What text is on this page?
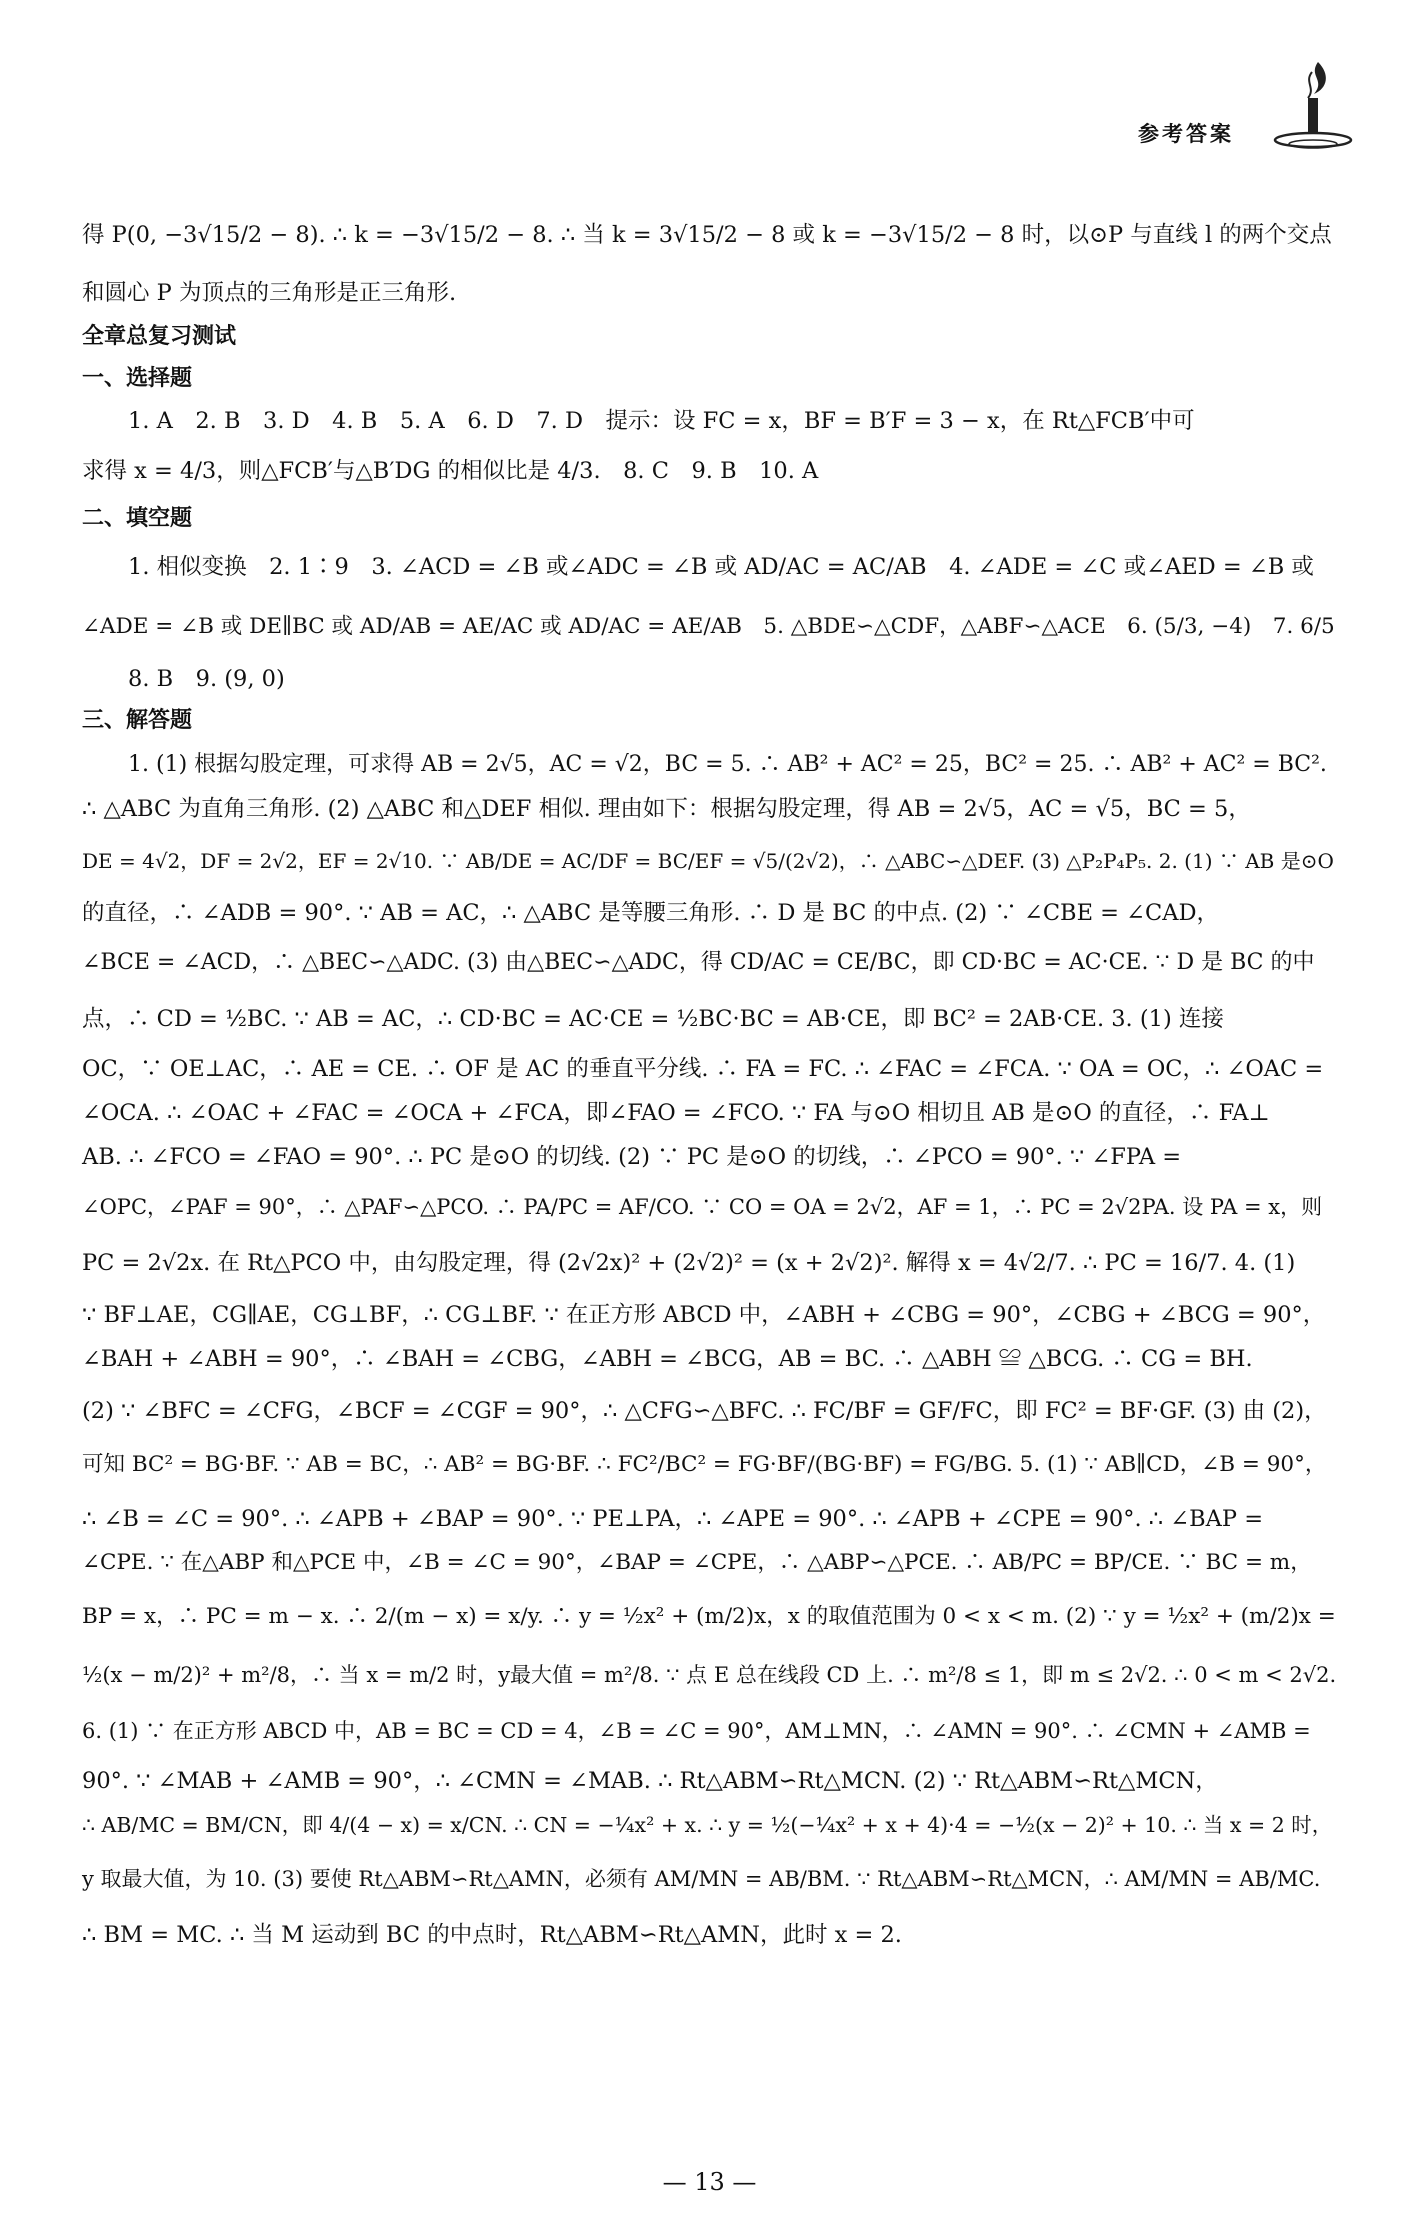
参考答案
得 P(0, −3√15/2 − 8). ∴ k = −3√15/2 − 8. ∴ 当 k = 3√15/2 − 8 或 k = −3√15/2 − 8 时，以⊙P 与直线 l 的两个交点
和圆心 P 为顶点的三角形是正三角形.
全章总复习测试
一、选择题
1. A　2. B　3. D　4. B　5. A　6. D　7. D　提示：设 FC = x，BF = B′F = 3 − x，在 Rt△FCB′中可
求得 x = 4/3，则△FCB′与△B′DG 的相似比是 4/3.　8. C　9. B　10. A
二、填空题
1. 相似变换　2. 1∶9　3. ∠ACD = ∠B 或∠ADC = ∠B 或 AD/AC = AC/AB　4. ∠ADE = ∠C 或∠AED = ∠B 或
∠ADE = ∠B 或 DE∥BC 或 AD/AB = AE/AC 或 AD/AC = AE/AB　5. △BDE∽△CDF，△ABF∽△ACE　6. (5/3, −4)　7. 6/5
8. B　9. (9, 0)
三、解答题
1. (1) 根据勾股定理，可求得 AB = 2√5，AC = √2，BC = 5. ∴ AB² + AC² = 25，BC² = 25. ∴ AB² + AC² = BC².
∴ △ABC 为直角三角形. (2) △ABC 和△DEF 相似. 理由如下：根据勾股定理，得 AB = 2√5，AC = √5，BC = 5，
DE = 4√2，DF = 2√2，EF = 2√10. ∵ AB/DE = AC/DF = BC/EF = √5/(2√2)，∴ △ABC∽△DEF. (3) △P₂P₄P₅. 2. (1) ∵ AB 是⊙O
的直径，∴ ∠ADB = 90°. ∵ AB = AC，∴ △ABC 是等腰三角形. ∴ D 是 BC 的中点. (2) ∵ ∠CBE = ∠CAD，
∠BCE = ∠ACD，∴ △BEC∽△ADC. (3) 由△BEC∽△ADC，得 CD/AC = CE/BC，即 CD·BC = AC·CE. ∵ D 是 BC 的中
点，∴ CD = ½BC. ∵ AB = AC，∴ CD·BC = AC·CE = ½BC·BC = AB·CE，即 BC² = 2AB·CE. 3. (1) 连接
OC，∵ OE⊥AC，∴ AE = CE. ∴ OF 是 AC 的垂直平分线. ∴ FA = FC. ∴ ∠FAC = ∠FCA. ∵ OA = OC，∴ ∠OAC =
∠OCA. ∴ ∠OAC + ∠FAC = ∠OCA + ∠FCA，即∠FAO = ∠FCO. ∵ FA 与⊙O 相切且 AB 是⊙O 的直径，∴ FA⊥
AB. ∴ ∠FCO = ∠FAO = 90°. ∴ PC 是⊙O 的切线. (2) ∵ PC 是⊙O 的切线，∴ ∠PCO = 90°. ∵ ∠FPA =
∠OPC，∠PAF = 90°，∴ △PAF∽△PCO. ∴ PA/PC = AF/CO. ∵ CO = OA = 2√2，AF = 1，∴ PC = 2√2PA. 设 PA = x，则
PC = 2√2x. 在 Rt△PCO 中，由勾股定理，得 (2√2x)² + (2√2)² = (x + 2√2)². 解得 x = 4√2/7. ∴ PC = 16/7. 4. (1)
∵ BF⊥AE，CG∥AE，CG⊥BF，∴ CG⊥BF. ∵ 在正方形 ABCD 中，∠ABH + ∠CBG = 90°，∠CBG + ∠BCG = 90°，
∠BAH + ∠ABH = 90°，∴ ∠BAH = ∠CBG，∠ABH = ∠BCG，AB = BC. ∴ △ABH ≌ △BCG. ∴ CG = BH.
(2) ∵ ∠BFC = ∠CFG，∠BCF = ∠CGF = 90°，∴ △CFG∽△BFC. ∴ FC/BF = GF/FC，即 FC² = BF·GF. (3) 由 (2)，
可知 BC² = BG·BF. ∵ AB = BC，∴ AB² = BG·BF. ∴ FC²/BC² = FG·BF/(BG·BF) = FG/BG. 5. (1) ∵ AB∥CD，∠B = 90°，
∴ ∠B = ∠C = 90°. ∴ ∠APB + ∠BAP = 90°. ∵ PE⊥PA，∴ ∠APE = 90°. ∴ ∠APB + ∠CPE = 90°. ∴ ∠BAP =
∠CPE. ∵ 在△ABP 和△PCE 中，∠B = ∠C = 90°，∠BAP = ∠CPE，∴ △ABP∽△PCE. ∴ AB/PC = BP/CE. ∵ BC = m，
BP = x，∴ PC = m − x. ∴ 2/(m − x) = x/y. ∴ y = ½x² + (m/2)x，x 的取值范围为 0 < x < m. (2) ∵ y = ½x² + (m/2)x =
½(x − m/2)² + m²/8，∴ 当 x = m/2 时，y最大值 = m²/8. ∵ 点 E 总在线段 CD 上. ∴ m²/8 ≤ 1，即 m ≤ 2√2. ∴ 0 < m < 2√2.
6. (1) ∵ 在正方形 ABCD 中，AB = BC = CD = 4，∠B = ∠C = 90°，AM⊥MN，∴ ∠AMN = 90°. ∴ ∠CMN + ∠AMB =
90°. ∵ ∠MAB + ∠AMB = 90°，∴ ∠CMN = ∠MAB. ∴ Rt△ABM∽Rt△MCN. (2) ∵ Rt△ABM∽Rt△MCN，
∴ AB/MC = BM/CN，即 4/(4 − x) = x/CN. ∴ CN = −¼x² + x. ∴ y = ½(−¼x² + x + 4)·4 = −½(x − 2)² + 10. ∴ 当 x = 2 时，
y 取最大值，为 10. (3) 要使 Rt△ABM∽Rt△AMN，必须有 AM/MN = AB/BM. ∵ Rt△ABM∽Rt△MCN，∴ AM/MN = AB/MC.
∴ BM = MC. ∴ 当 M 运动到 BC 的中点时，Rt△ABM∽Rt△AMN，此时 x = 2.
— 13 —
